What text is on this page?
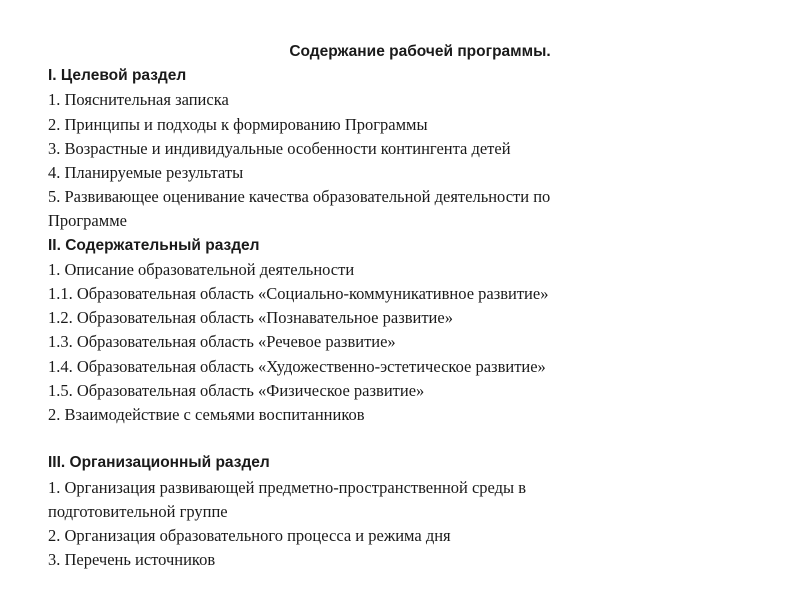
Содержание рабочей программы.

I. Целевой раздел

1. Пояснительная записка

2. Принципы и подходы к формированию Программы

3. Возрастные и индивидуальные особенности контингента детей

4. Планируемые результаты

5. Развивающее оценивание качества образовательной деятельности по

Программе

II. Содержательный раздел

1. Описание образовательной деятельности

1.1. Образовательная область «Социально-коммуникативное развитие»

1.2. Образовательная область «Познавательное развитие»

1.3. Образовательная область «Речевое развитие»

1.4. Образовательная область «Художественно-эстетическое развитие»

1.5. Образовательная область «Физическое развитие»

2. Взаимодействие с семьями воспитанников

III. Организационный раздел

1. Организация развивающей предметно-пространственной среды в

подготовительной группе

2. Организация образовательного процесса и режима дня

3. Перечень источников
